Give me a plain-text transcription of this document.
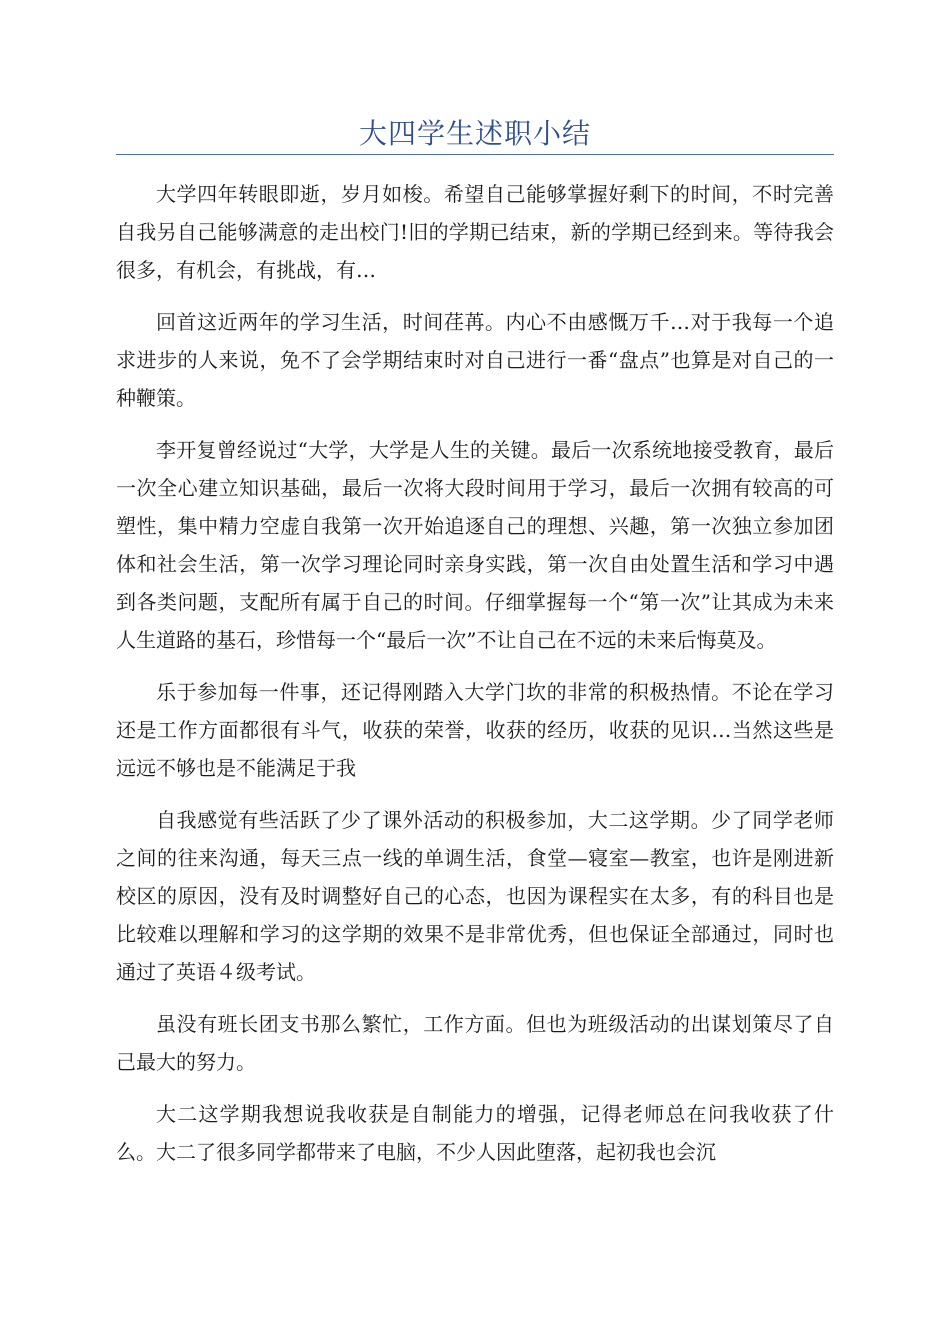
大四学生述职小结

大学四年转眼即逝，岁月如梭。希望自己能够掌握好剩下的时间，不时完善自我另自己能够满意的走出校门!旧的学期已结束，新的学期已经到来。等待我会很多，有机会，有挑战，有…

回首这近两年的学习生活，时间荏苒。内心不由感慨万千…对于我每一个追求进步的人来说，免不了会学期结束时对自己进行一番“盘点”也算是对自己的一种鞭策。

李开复曾经说过“大学，大学是人生的关键。最后一次系统地接受教育，最后一次全心建立知识基础，最后一次将大段时间用于学习，最后一次拥有较高的可塑性，集中精力空虚自我第一次开始追逐自己的理想、兴趣，第一次独立参加团体和社会生活，第一次学习理论同时亲身实践，第一次自由处置生活和学习中遇到各类问题，支配所有属于自己的时间。仔细掌握每一个“第一次”让其成为未来人生道路的基石，珍惜每一个“最后一次”不让自己在不远的未来后悔莫及。

乐于参加每一件事，还记得刚踏入大学门坎的非常的积极热情。不论在学习还是工作方面都很有斗气，收获的荣誉，收获的经历，收获的见识…当然这些是远远不够也是不能满足于我

自我感觉有些活跃了少了课外活动的积极参加，大二这学期。少了同学老师之间的往来沟通，每天三点一线的单调生活，食堂—寝室—教室，也许是刚进新校区的原因，没有及时调整好自己的心态，也因为课程实在太多，有的科目也是比较难以理解和学习的这学期的效果不是非常优秀，但也保证全部通过，同时也通过了英语４级考试。

虽没有班长团支书那么繁忙，工作方面。但也为班级活动的出谋划策尽了自己最大的努力。

大二这学期我想说我收获是自制能力的增强，记得老师总在问我收获了什么。大二了很多同学都带来了电脑，不少人因此堕落，起初我也会沉
